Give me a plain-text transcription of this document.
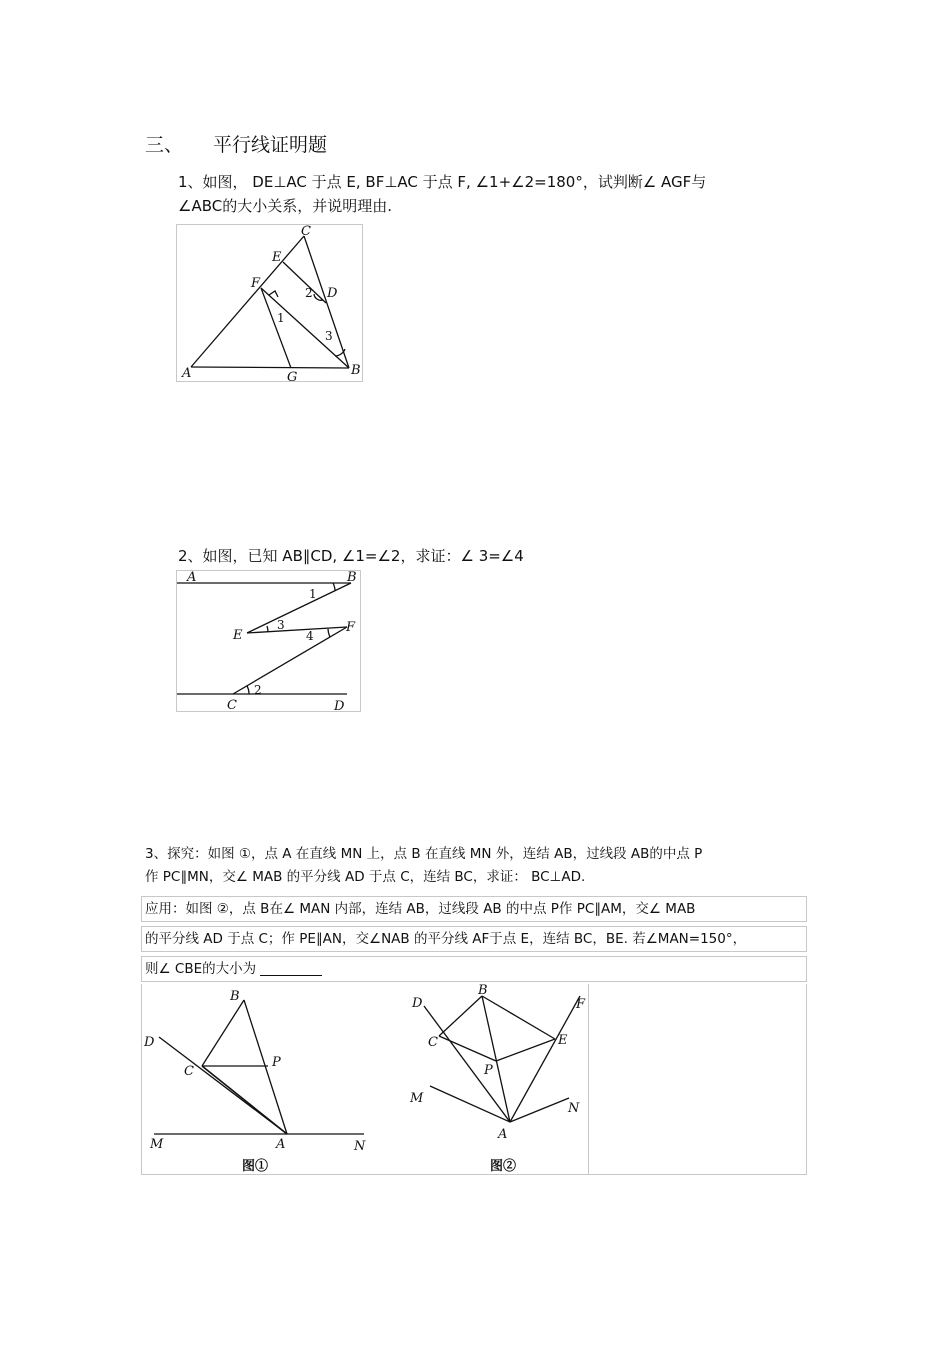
三、 平行线证明题
1、如图， DE⊥AC 于点 E, BF⊥AC 于点 F, ∠1+∠2=180°，试判断∠ AGF与
∠ABC的大小关系，并说明理由.
A	B
C
D
E
F
G
1
2
3
2、如图，已知 AB∥CD, ∠1=∠2，求证：∠ 3=∠4
A	B
C	D
E
F
1
2
3
4
3、探究：如图 ①，点 A 在直线 MN 上，点 B 在直线 MN 外，连结 AB，过线段 AB的中点 P
作 PC∥MN，交∠ MAB 的平分线 AD 于点 C，连结 BC，求证： BC⊥AD.
应用：如图 ②，点 B在∠ MAN 内部，连结 AB，过线段 AB 的中点 P作 PC∥AM，交∠ MAB
的平分线 AD 于点 C；作 PE∥AN，交∠NAB 的平分线 AF于点 E，连结 BC，BE. 若∠MAN=150°，
则∠ CBE的大小为
B
D
C
P
M	A	N
图①
B
D	F
C	E
P
M
N
A
图②
